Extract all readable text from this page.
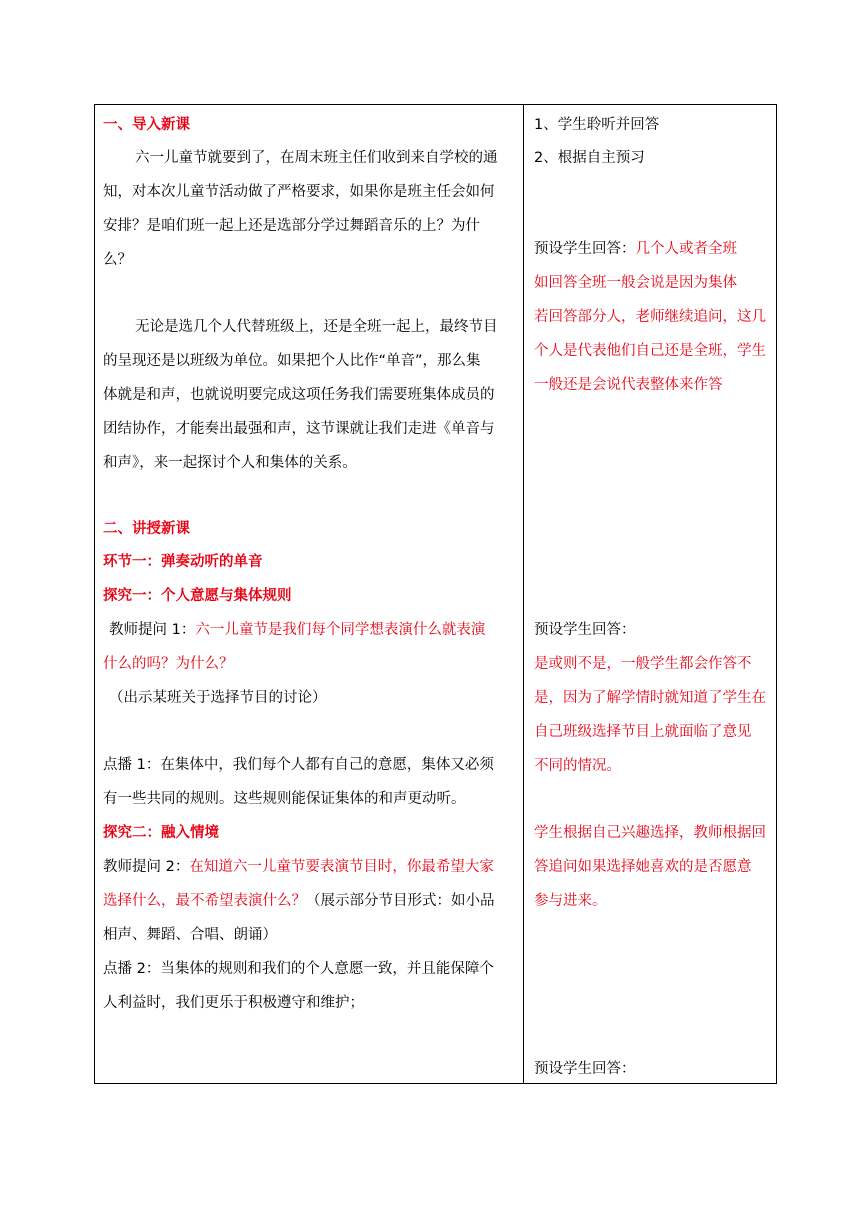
一、导入新课
六一儿童节就要到了，在周末班主任们收到来自学校的通
知，对本次儿童节活动做了严格要求，如果你是班主任会如何
安排？是咱们班一起上还是选部分学过舞蹈音乐的上？为什
么？
无论是选几个人代替班级上，还是全班一起上，最终节目
的呈现还是以班级为单位。如果把个人比作“单音”，那么集
体就是和声，也就说明要完成这项任务我们需要班集体成员的
团结协作，才能奏出最强和声，这节课就让我们走进《单音与
和声》，来一起探讨个人和集体的关系。
二、讲授新课
环节一：弹奏动听的单音
探究一：个人意愿与集体规则
教师提问 1：六一儿童节是我们每个同学想表演什么就表演
什么的吗？为什么？
（出示某班关于选择节目的讨论）
点播 1：在集体中，我们每个人都有自己的意愿，集体又必须
有一些共同的规则。这些规则能保证集体的和声更动听。
探究二：融入情境
教师提问 2：在知道六一儿童节要表演节目时，你最希望大家
选择什么，最不希望表演什么？（展示部分节目形式：如小品
相声、舞蹈、合唱、朗诵）
点播 2：当集体的规则和我们的个人意愿一致，并且能保障个
人利益时，我们更乐于积极遵守和维护；
1、学生聆听并回答
2、根据自主预习
预设学生回答：几个人或者全班
如回答全班一般会说是因为集体
若回答部分人，老师继续追问，这几
个人是代表他们自己还是全班，学生
一般还是会说代表整体来作答
预设学生回答：
是或则不是，一般学生都会作答不
是，因为了解学情时就知道了学生在
自己班级选择节目上就面临了意见
不同的情况。
学生根据自己兴趣选择，教师根据回
答追问如果选择她喜欢的是否愿意
参与进来。
预设学生回答：
